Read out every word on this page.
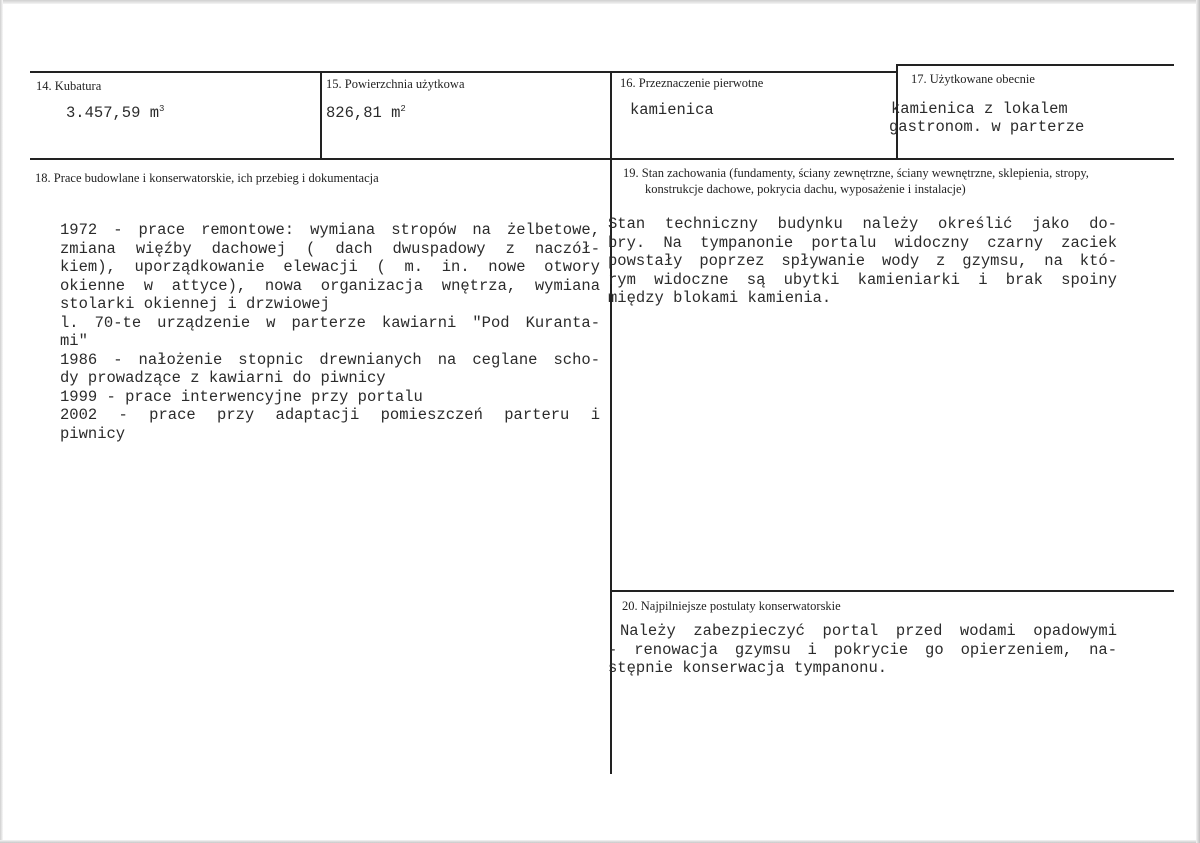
14. Kubatura
3.457,59 $m^3$
15. Powierzchnia użytkowa
826,81 $m^2$
16. Przeznaczenie pierwotne
kamienica
17. Użytkowane obecnie
kamienica z lokalem
gastronom. w parterze
18. Prace budowlane i konserwatorskie, ich przebieg i dokumentacja
1972 - prace remontowe: wymiana stropów na żelbetowe,
zmiana więźby dachowej ( dach dwuspadowy z naczół-
kiem), uporządkowanie elewacji ( m. in. nowe otwory
okienne w attyce), nowa organizacja wnętrza, wymiana
stolarki okiennej i drzwiowej
l. 70-te urządzenie w parterze kawiarni "Pod Kuranta-
mi"
1986 - nałożenie stopnic drewnianych na ceglane scho-
dy prowadzące z kawiarni do piwnicy
1999 - prace interwencyjne przy portalu
2002 - prace przy adaptacji pomieszczeń parteru i
piwnicy
19. Stan zachowania (fundamenty, ściany zewnętrzne, ściany wewnętrzne, sklepienia, stropy,
konstrukcje dachowe, pokrycia dachu, wyposażenie i instalacje)
Stan techniczny budynku należy określić jako do-
bry. Na tympanonie portalu widoczny czarny zaciek
powstały poprzez spływanie wody z gzymsu, na któ-
rym widoczne są ubytki kamieniarki i brak spoiny
między blokami kamienia.
20. Najpilniejsze postulaty konserwatorskie
Należy zabezpieczyć portal przed wodami opadowymi
- renowacja gzymsu i pokrycie go opierzeniem, na-
stępnie konserwacja tympanonu.
